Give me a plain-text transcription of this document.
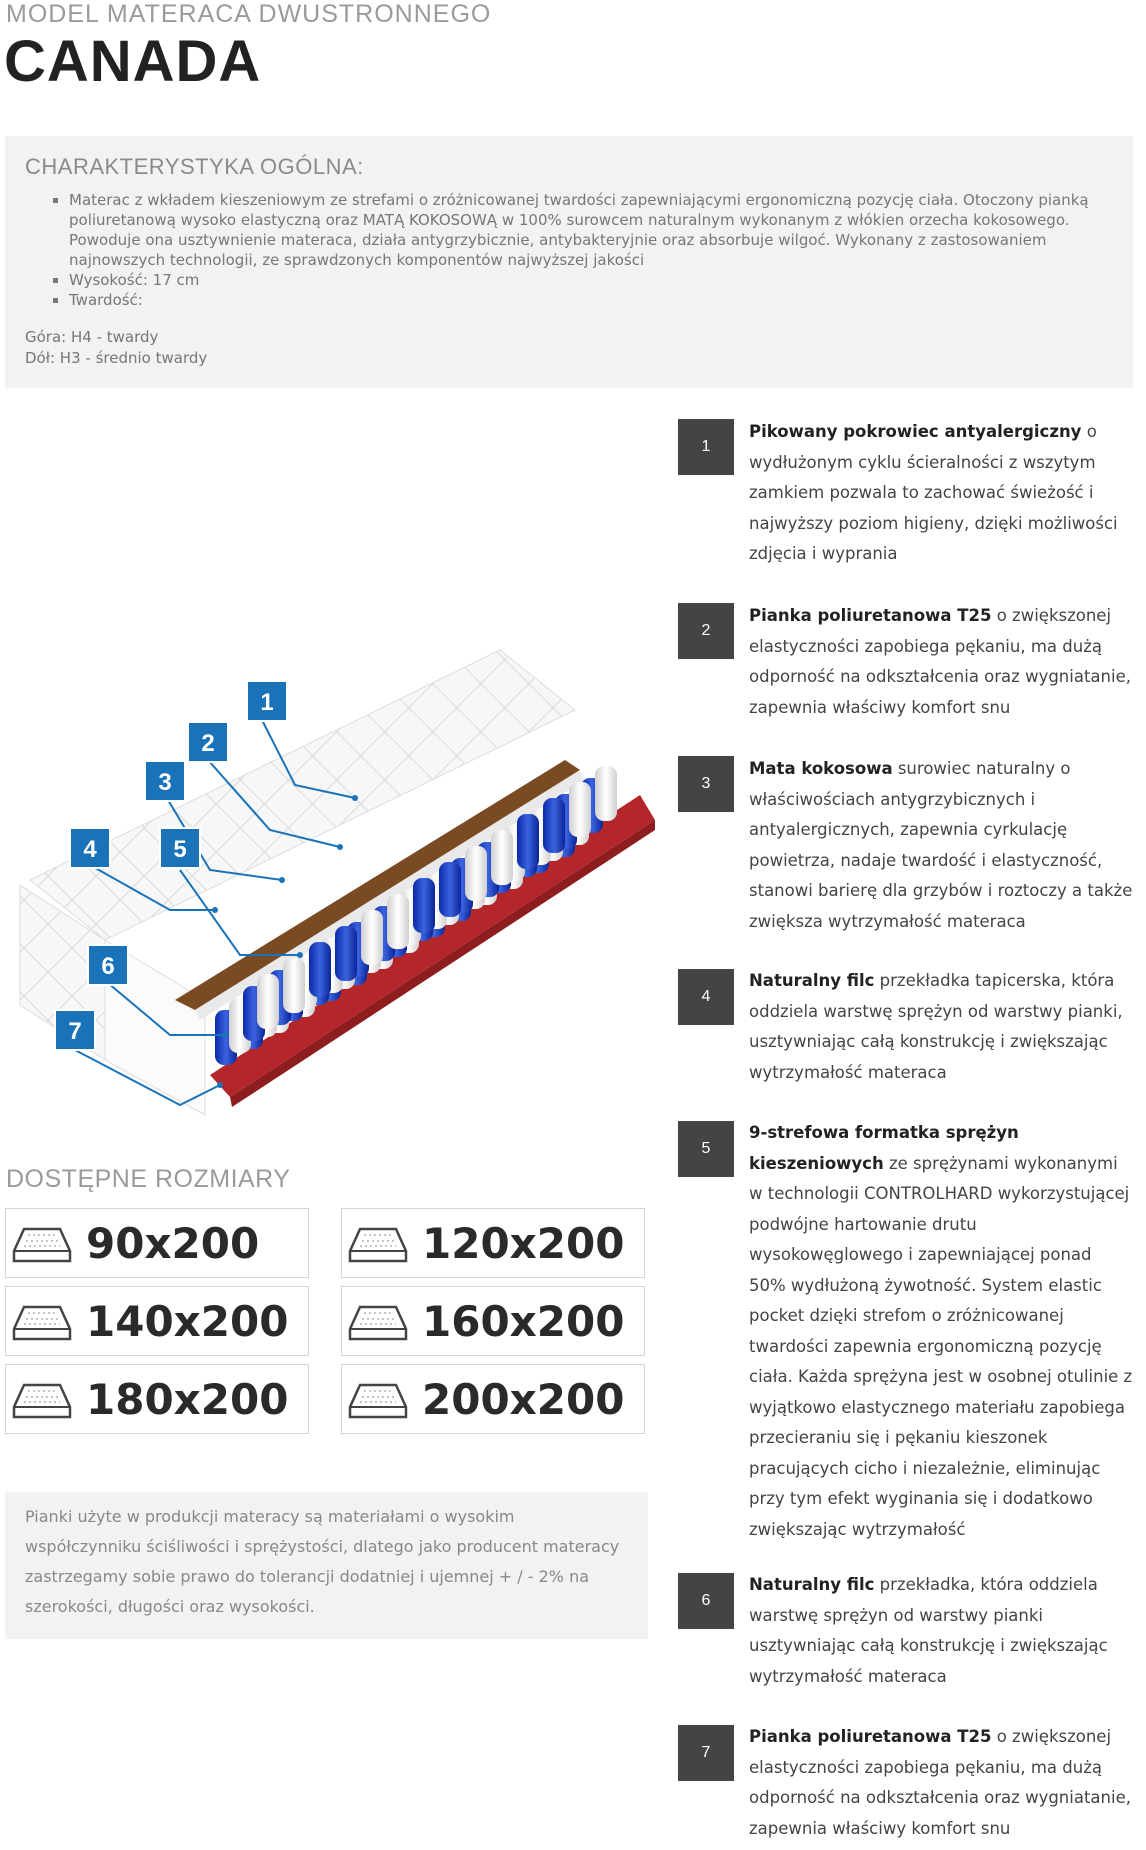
MODEL MATERACA DWUSTRONNEGO
CANADA
CHARAKTERYSTYKA OGÓLNA:
▪ Materac z wkładem kieszeniowym ze strefami o zróżnicowanej twardości zapewniającymi ergonomiczną pozycję ciała. Otoczony pianką poliuretanową wysoko elastyczną oraz MATĄ KOKOSOWĄ w 100% surowcem naturalnym wykonanym z włókien orzecha kokosowego. Powoduje ona usztywnienie materaca, działa antygrzybicznie, antybakteryjnie oraz absorbuje wilgoć. Wykonany z zastosowaniem najnowszych technologii, ze sprawdzonych komponentów najwyższej jakości
▪ Wysokość: 17 cm
▪ Twardość:
Góra: H4 - twardy
Dół: H3 - średnio twardy
1
2
3
4	5
6
7
DOSTĘPNE ROZMIARY
90x200	120x200
140x200	160x200
180x200	200x200

Pianki użyte w produkcji materacy są materiałami o wysokim współczynniku ściśliwości i sprężystości, dlatego jako producent materacy zastrzegamy sobie prawo do tolerancji dodatniej i ujemnej + / - 2% na szerokości, długości oraz wysokości.

1
Pikowany pokrowiec antyalergiczny o wydłużonym cyklu ścieralności z wszytym zamkiem pozwala to zachować świeżość i najwyższy poziom higieny, dzięki możliwości zdjęcia i wyprania
2
Pianka poliuretanowa T25 o zwiększonej elastyczności zapobiega pękaniu, ma dużą odporność na odkształcenia oraz wygniatanie, zapewnia właściwy komfort snu
3
Mata kokosowa surowiec naturalny o właściwościach antygrzybicznych i antyalergicznych, zapewnia cyrkulację powietrza, nadaje twardość i elastyczność, stanowi barierę dla grzybów i roztoczy a także zwiększa wytrzymałość materaca
4
Naturalny filc przekładka tapicerska, która oddziela warstwę sprężyn od warstwy pianki, usztywniając całą konstrukcję i zwiększając wytrzymałość materaca
5
9-strefowa formatka sprężyn kieszeniowych ze sprężynami wykonanymi w technologii CONTROLHARD wykorzystującej podwójne hartowanie drutu wysokowęglowego i zapewniającej ponad 50% wydłużoną żywotność. System elastic pocket dzięki strefom o zróżnicowanej twardości zapewnia ergonomiczną pozycję ciała. Każda sprężyna jest w osobnej otulinie z wyjątkowo elastycznego materiału zapobiega przecieraniu się i pękaniu kieszonek pracujących cicho i niezależnie, eliminując przy tym efekt wyginania się i dodatkowo zwiększając wytrzymałość
6
Naturalny filc przekładka, która oddziela warstwę sprężyn od warstwy pianki usztywniając całą konstrukcję i zwiększając wytrzymałość materaca
7
Pianka poliuretanowa T25 o zwiększonej elastyczności zapobiega pękaniu, ma dużą odporność na odkształcenia oraz wygniatanie, zapewnia właściwy komfort snu
